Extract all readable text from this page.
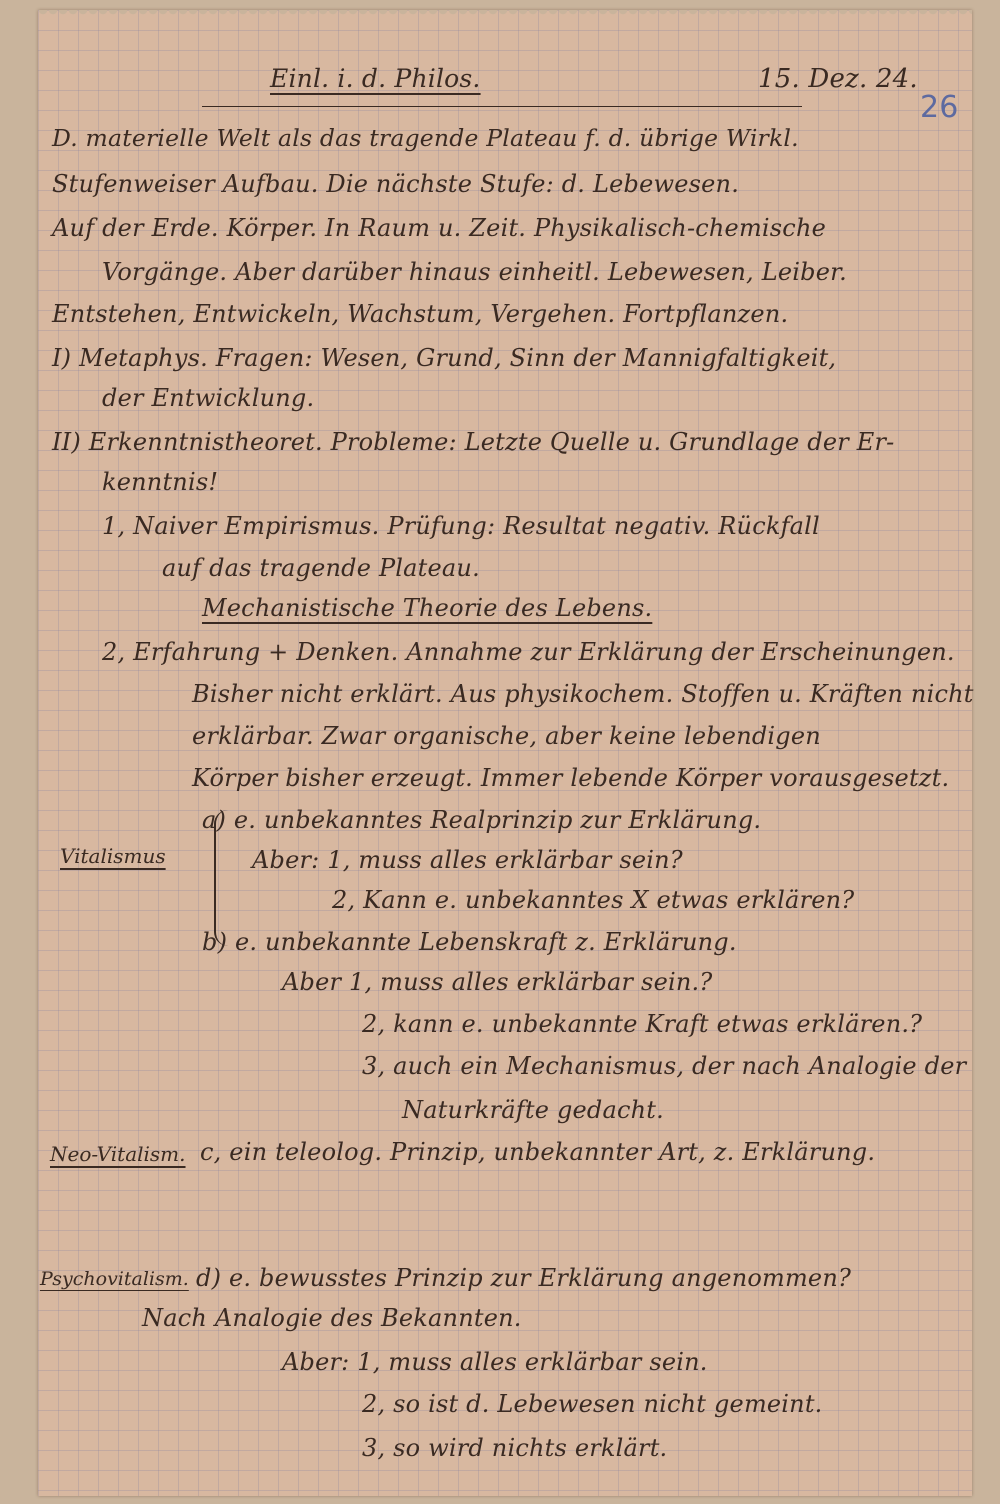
Einl. i. d. Philos.	15. Dez. 24.
26
D. materielle Welt als das tragende Plateau f. d. übrige Wirkl.
Stufenweiser Aufbau. Die nächste Stufe: d. Lebewesen.
Auf der Erde. Körper. In Raum u. Zeit. Physikalisch-chemische
Vorgänge. Aber darüber hinaus einheitl. Lebewesen, Leiber.
Entstehen, Entwickeln, Wachstum, Vergehen. Fortpflanzen.
I) Metaphys. Fragen: Wesen, Grund, Sinn der Mannigfaltigkeit,
der Entwicklung.
II) Erkenntnistheoret. Probleme: Letzte Quelle u. Grundlage der Er-
kenntnis!
1, Naiver Empirismus. Prüfung: Resultat negativ. Rückfall
auf das tragende Plateau.
Mechanistische Theorie des Lebens.
2, Erfahrung + Denken. Annahme zur Erklärung der Erscheinungen.
Bisher nicht erklärt. Aus physikochem. Stoffen u. Kräften nicht
erklärbar. Zwar organische, aber keine lebendigen
Körper bisher erzeugt. Immer lebende Körper vorausgesetzt.
Vitalismus
a) e. unbekanntes Realprinzip zur Erklärung.
Aber: 1, muss alles erklärbar sein?
2, Kann e. unbekanntes X etwas erklären?
b) e. unbekannte Lebenskraft z. Erklärung.
Aber 1, muss alles erklärbar sein.?
2, kann e. unbekannte Kraft etwas erklären.?
3, auch ein Mechanismus, der nach Analogie der
Naturkräfte gedacht.
Neo-Vitalism. c, ein teleolog. Prinzip, unbekannter Art, z. Erklärung.
Psychovitalism. d) e. bewusstes Prinzip zur Erklärung angenommen?
Nach Analogie des Bekannten.
Aber: 1, muss alles erklärbar sein.
2, so ist d. Lebewesen nicht gemeint.
3, so wird nichts erklärt.
